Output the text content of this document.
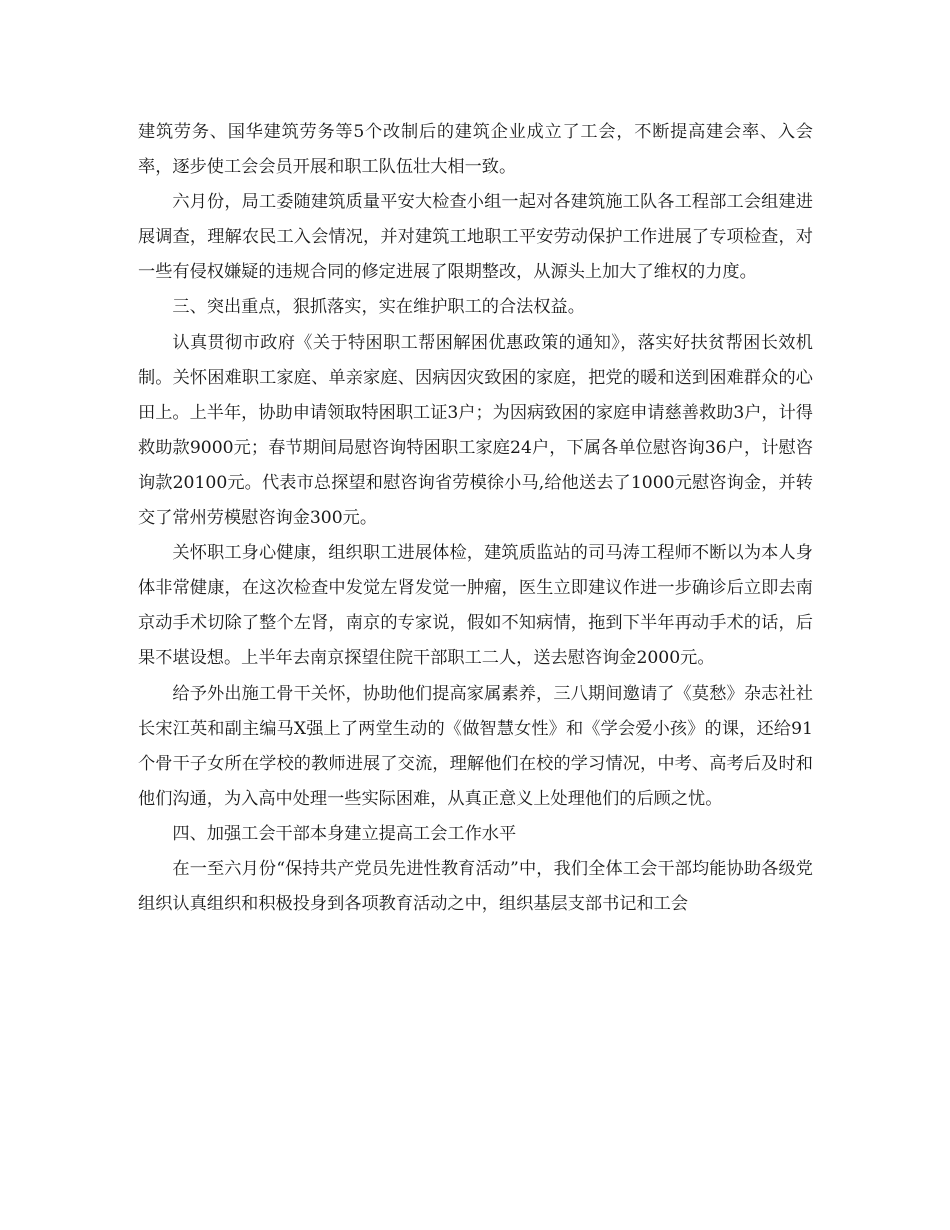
建筑劳务、国华建筑劳务等5个改制后的建筑企业成立了工会，不断提高建会率、入会率，逐步使工会会员开展和职工队伍壮大相一致。

六月份，局工委随建筑质量平安大检查小组一起对各建筑施工队各工程部工会组建进展调查，理解农民工入会情况，并对建筑工地职工平安劳动保护工作进展了专项检查，对一些有侵权嫌疑的违规合同的修定进展了限期整改，从源头上加大了维权的力度。

三、突出重点，狠抓落实，实在维护职工的合法权益。

认真贯彻市政府《关于特困职工帮困解困优惠政策的通知》，落实好扶贫帮困长效机制。关怀困难职工家庭、单亲家庭、因病因灾致困的家庭，把党的暖和送到困难群众的心田上。上半年，协助申请领取特困职工证3户；为因病致困的家庭申请慈善救助3户，计得救助款9000元；春节期间局慰咨询特困职工家庭24户，下属各单位慰咨询36户，计慰咨询款20100元。代表市总探望和慰咨询省劳模徐小马,给他送去了1000元慰咨询金，并转交了常州劳模慰咨询金300元。

关怀职工身心健康，组织职工进展体检，建筑质监站的司马涛工程师不断以为本人身体非常健康，在这次检查中发觉左肾发觉一肿瘤，医生立即建议作进一步确诊后立即去南京动手术切除了整个左肾，南京的专家说，假如不知病情，拖到下半年再动手术的话，后果不堪设想。上半年去南京探望住院干部职工二人，送去慰咨询金2000元。

给予外出施工骨干关怀，协助他们提高家属素养，三八期间邀请了《莫愁》杂志社社长宋江英和副主编马X强上了两堂生动的《做智慧女性》和《学会爱小孩》的课，还给91个骨干子女所在学校的教师进展了交流，理解他们在校的学习情况，中考、高考后及时和他们沟通，为入高中处理一些实际困难，从真正意义上处理他们的后顾之忧。

四、加强工会干部本身建立提高工会工作水平

在一至六月份“保持共产党员先进性教育活动”中，我们全体工会干部均能协助各级党组织认真组织和积极投身到各项教育活动之中，组织基层支部书记和工会
